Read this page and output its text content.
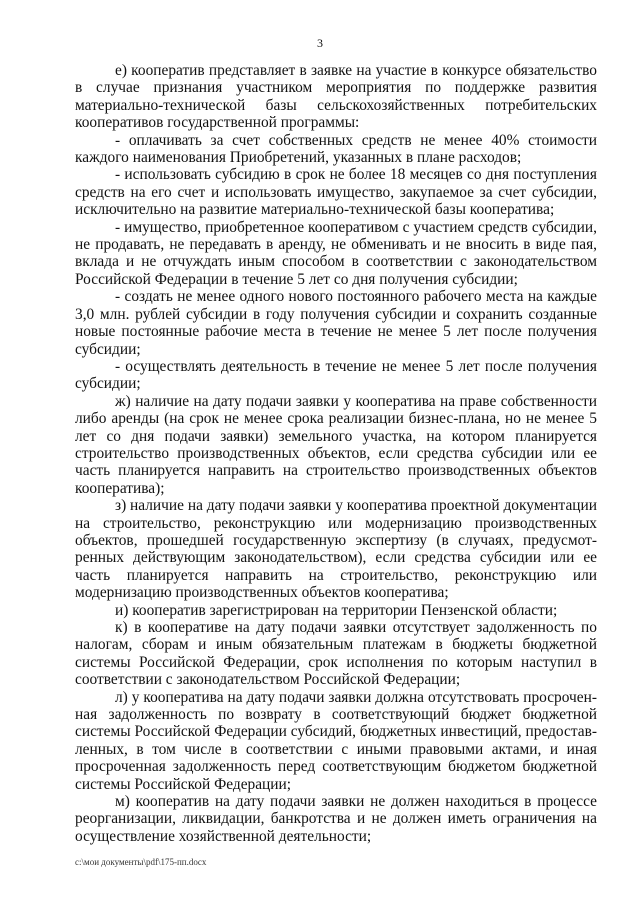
3

е) кооператив представляет в заявке на участие в конкурсе обязательство в случае признания участником мероприятия по поддержке развития материально-технической базы сельскохозяйственных потребительских кооперативов государственной программы:

- оплачивать за счет собственных средств не менее 40% стоимости каждого наименования Приобретений, указанных в плане расходов;

- использовать субсидию в срок не более 18 месяцев со дня поступления средств на его счет и использовать имущество, закупаемое за счет субсидии, исключительно на развитие материально-технической базы кооператива;

- имущество, приобретенное кооперативом с участием средств субсидии, не продавать, не передавать в аренду, не обменивать и не вносить в виде пая, вклада и не отчуждать иным способом в соответствии с законодательством Российской Федерации в течение 5 лет со дня получения субсидии;

- создать не менее одного нового постоянного рабочего места на каждые 3,0 млн. рублей субсидии в году получения субсидии и сохранить созданные новые постоянные рабочие места в течение не менее 5 лет после получения субсидии;

- осуществлять деятельность в течение не менее 5 лет после получения субсидии;

ж) наличие на дату подачи заявки у кооператива на праве собственности либо аренды (на срок не менее срока реализации бизнес-плана, но не менее 5 лет со дня подачи заявки) земельного участка, на котором планируется строительство производственных объектов, если средства субсидии или ее часть планируется направить на строительство производственных объектов кооператива);

з) наличие на дату подачи заявки у кооператива проектной документации на строительство, реконструкцию или модернизацию производственных объектов, прошедшей государственную экспертизу (в случаях, предусмотренных действующим законодательством), если средства субсидии или ее часть планируется направить на строительство, реконструкцию или модернизацию производственных объектов кооператива;

и) кооператив зарегистрирован на территории Пензенской области;

к) в кооперативе на дату подачи заявки отсутствует задолженность по налогам, сборам и иным обязательным платежам в бюджеты бюджетной системы Российской Федерации, срок исполнения по которым наступил в соответствии с законодательством Российской Федерации;

л) у кооператива на дату подачи заявки должна отсутствовать просроченная задолженность по возврату в соответствующий бюджет бюджетной системы Российской Федерации субсидий, бюджетных инвестиций, предоставленных, в том числе в соответствии с иными правовыми актами, и иная просроченная задолженность перед соответствующим бюджетом бюджетной системы Российской Федерации;

м) кооператив на дату подачи заявки не должен находиться в процессе реорганизации, ликвидации, банкротства и не должен иметь ограничения на осуществление хозяйственной деятельности;

c:\мои документы\pdf\175-пп.docx
